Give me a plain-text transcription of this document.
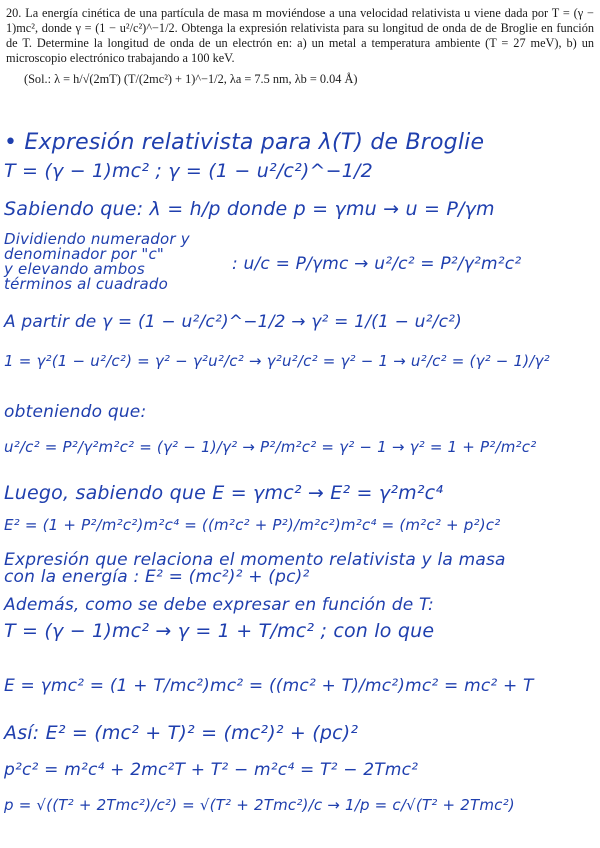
20. La energía cinética de una partícula de masa m moviéndose a una velocidad relativista u viene dada por T = (γ − 1)mc², donde γ = (1 − u²/c²)^−1/2. Obtenga la expresión relativista para su longitud de onda de de Broglie en función de T. Determine la longitud de onda de un electrón en: a) un metal a temperatura ambiente (T = 27 meV), b) un microscopio electrónico trabajando a 100 keV.
(Sol.: λ = h/√(2mT) (T/(2mc²) + 1)^−1/2, λa = 7.5 nm, λb = 0.04 Å)
• Expresión relativista para λ(T) de Broglie
T = (γ − 1)mc² ; γ = (1 − u²/c²)^−1/2
Sabiendo que: λ = h/p donde p = γmu → u = P/γm
Dividiendo numerador y
denominador por "c"
y elevando ambos
términos al cuadrado
: u/c = P/γmc → u²/c² = P²/γ²m²c²
A partir de γ = (1 − u²/c²)^−1/2 → γ² = 1/(1 − u²/c²)
1 = γ²(1 − u²/c²) = γ² − γ²u²/c² → γ²u²/c² = γ² − 1 → u²/c² = (γ² − 1)/γ²
obteniendo que:
u²/c² = P²/γ²m²c² = (γ² − 1)/γ² → P²/m²c² = γ² − 1 → γ² = 1 + P²/m²c²
Luego, sabiendo que E = γmc² → E² = γ²m²c⁴
E² = (1 + P²/m²c²)m²c⁴ = ((m²c² + P²)/m²c²)m²c⁴ = (m²c² + p²)c²
Expresión que relaciona el momento relativista y la masa
con la energía : E² = (mc²)² + (pc)²
Además, como se debe expresar en función de T:
T = (γ − 1)mc² → γ = 1 + T/mc² ; con lo que
E = γmc² = (1 + T/mc²)mc² = ((mc² + T)/mc²)mc² = mc² + T
Así: E² = (mc² + T)² = (mc²)² + (pc)²
p²c² = m²c⁴ + 2mc²T + T² − m²c⁴ = T² − 2Tmc²
p = √((T² + 2Tmc²)/c²) = √(T² + 2Tmc²)/c → 1/p = c/√(T² + 2Tmc²)
